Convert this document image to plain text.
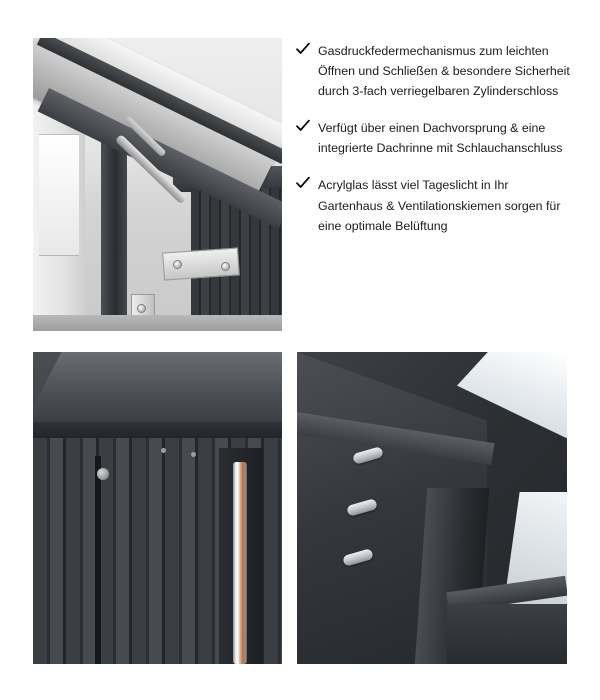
Gasdruckfedermechanismus zum leichten Öffnen und Schließen & besondere Sicherheit durch 3-fach verriegelbaren Zylinderschloss
Verfügt über einen Dachvorsprung & eine integrierte Dachrinne mit Schlauchanschluss
Acrylglas lässt viel Tageslicht in Ihr Gartenhaus & Ventilationskiemen sorgen für eine optimale Belüftung
